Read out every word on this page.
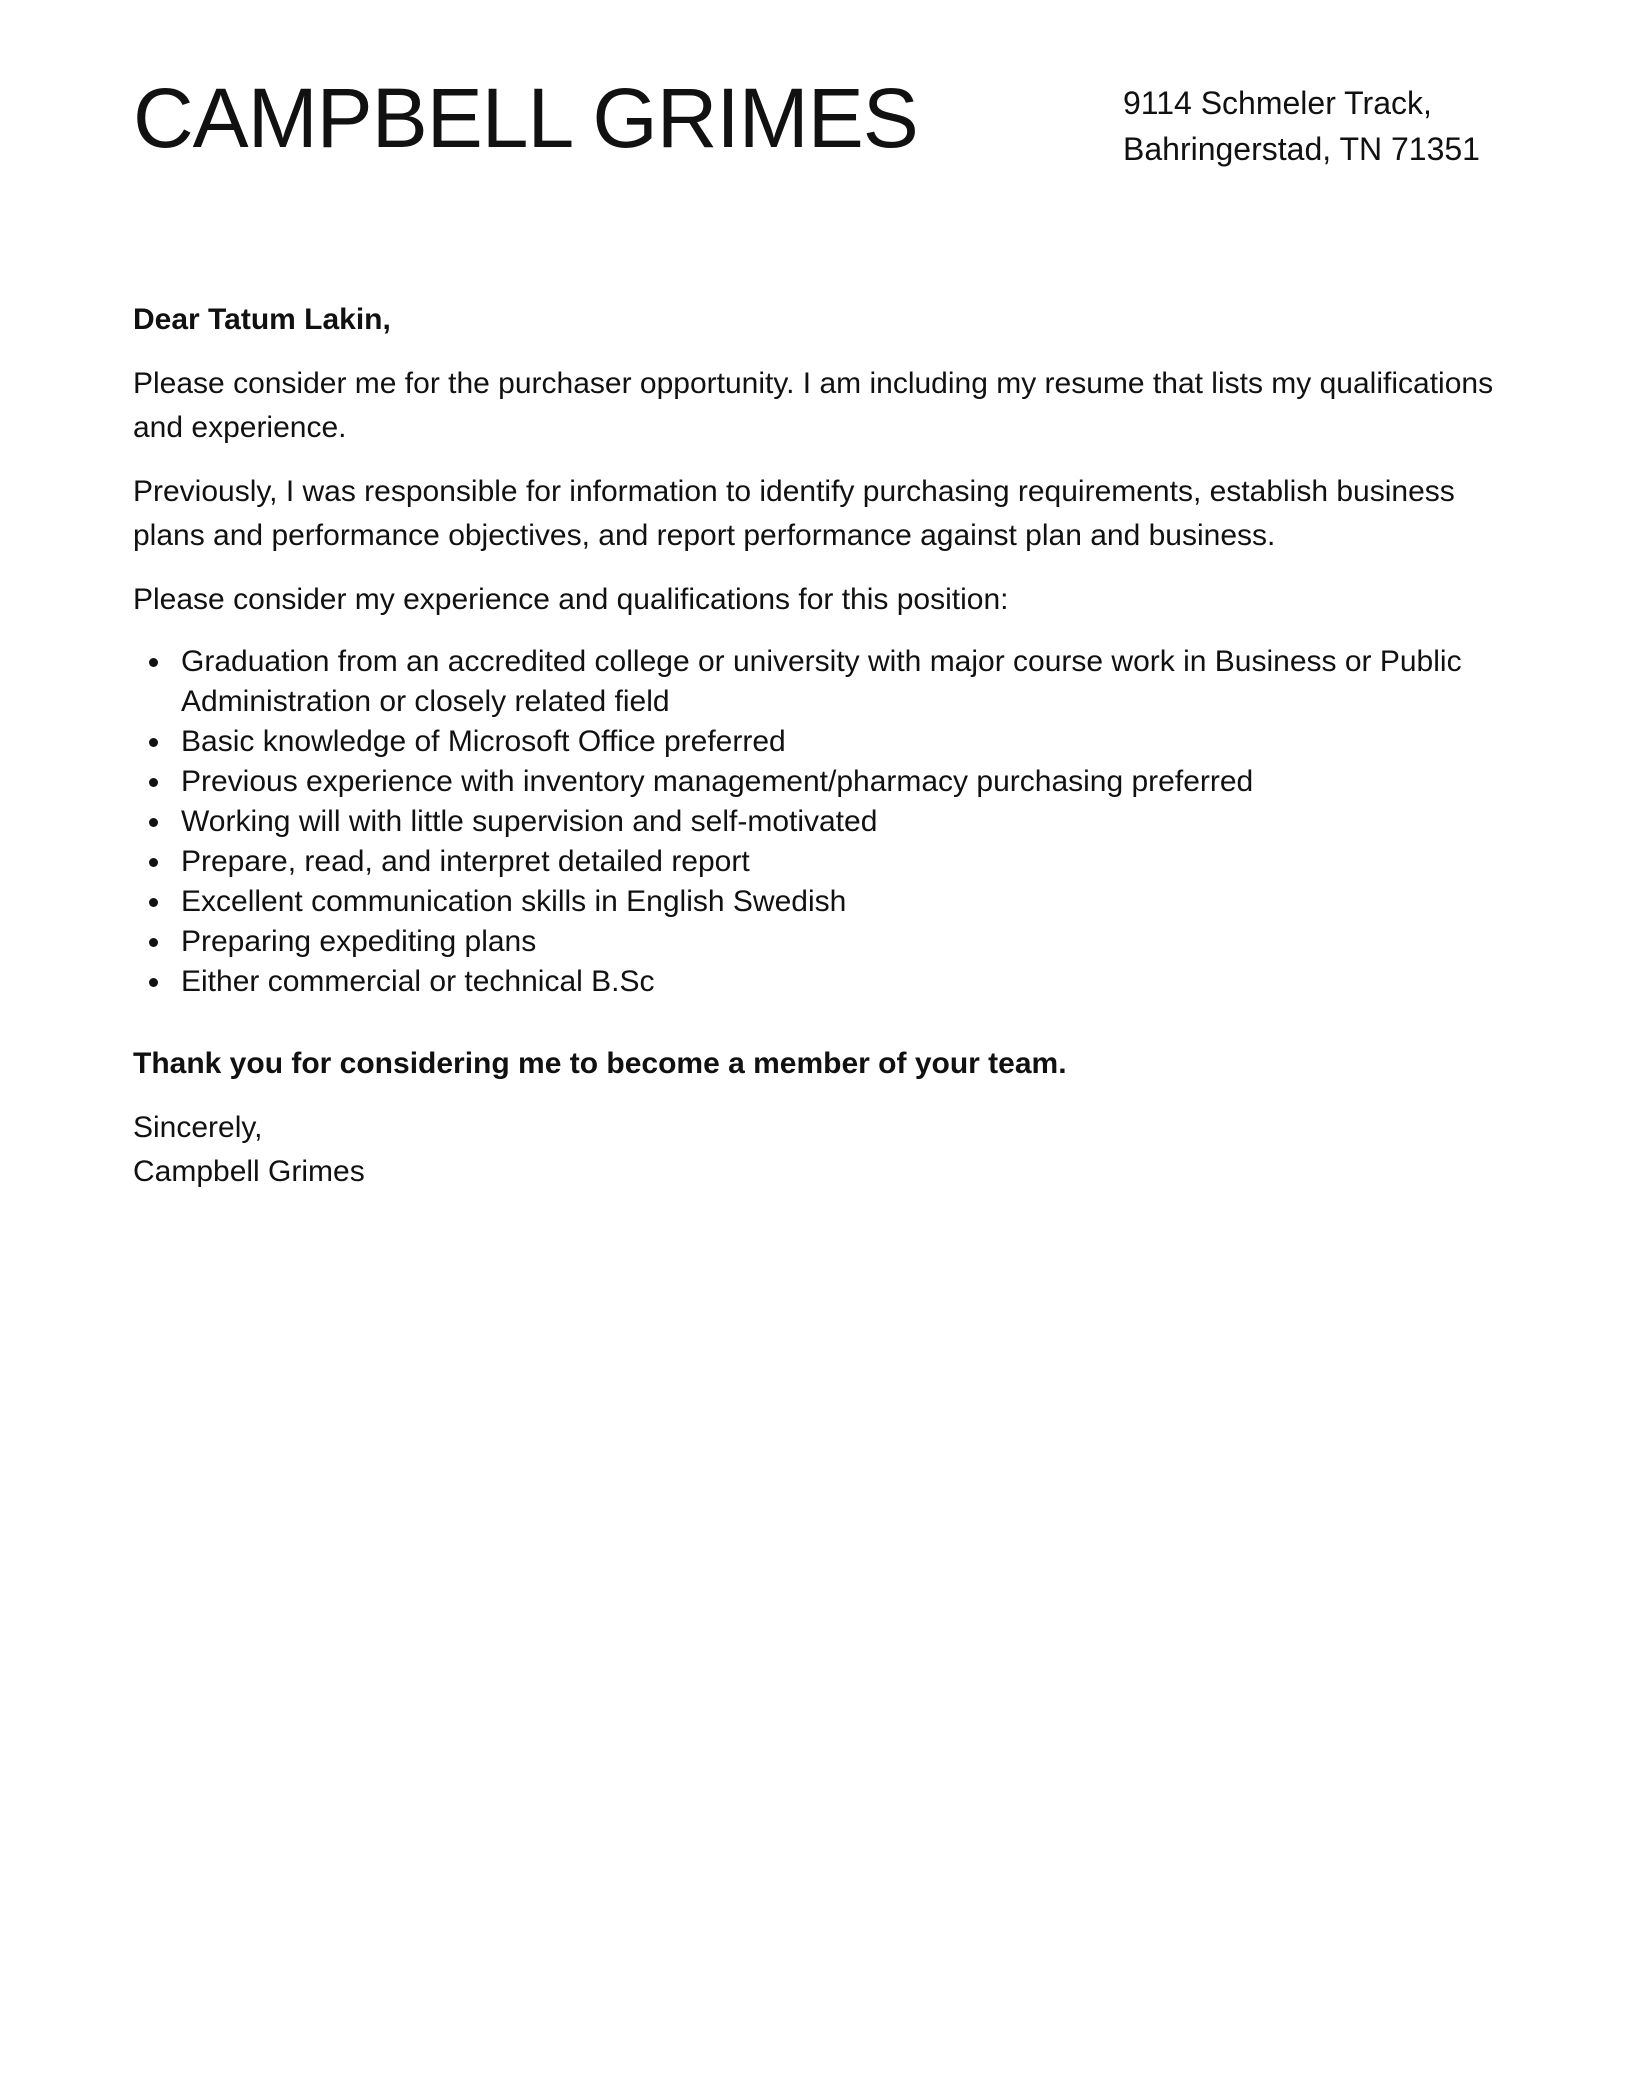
CAMPBELL GRIMES	9114 Schmeler Track,
Bahringerstad, TN 71351
Dear Tatum Lakin,
Please consider me for the purchaser opportunity. I am including my resume that lists my qualifications and experience.
Previously, I was responsible for information to identify purchasing requirements, establish business plans and performance objectives, and report performance against plan and business.
Please consider my experience and qualifications for this position:
Graduation from an accredited college or university with major course work in Business or Public Administration or closely related field
Basic knowledge of Microsoft Office preferred
Previous experience with inventory management/pharmacy purchasing preferred
Working will with little supervision and self-motivated
Prepare, read, and interpret detailed report
Excellent communication skills in English Swedish
Preparing expediting plans
Either commercial or technical B.Sc
Thank you for considering me to become a member of your team.
Sincerely,
Campbell Grimes
